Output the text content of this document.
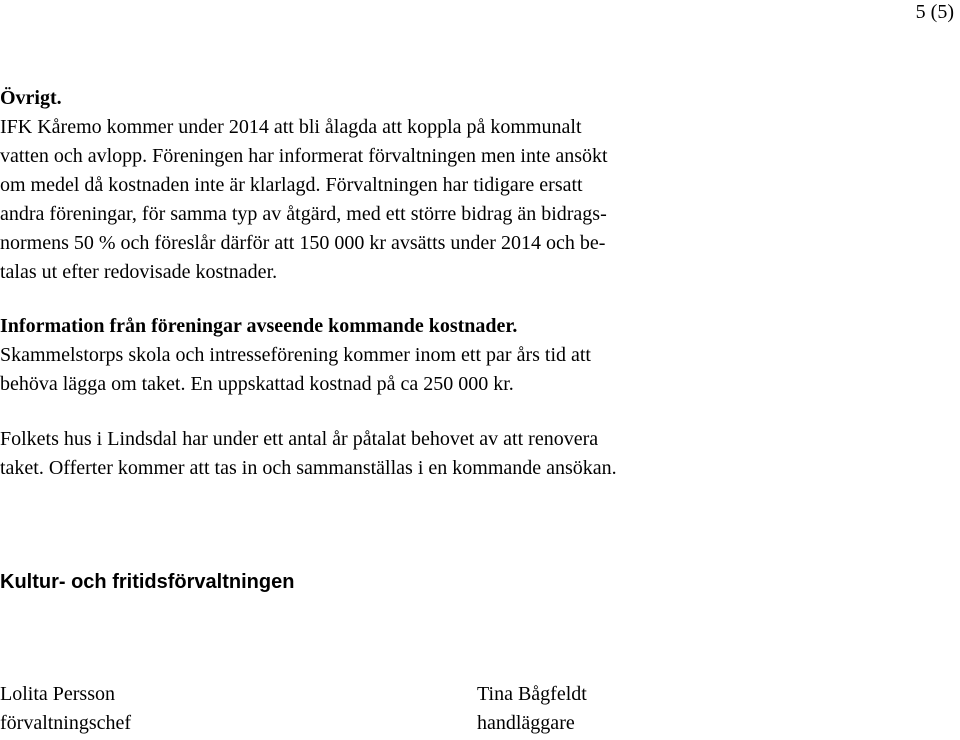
5 (5)
Övrigt.
IFK Kåremo kommer under 2014 att bli ålagda att koppla på kommunalt
vatten och avlopp. Föreningen har informerat förvaltningen men inte ansökt
om medel då kostnaden inte är klarlagd. Förvaltningen har tidigare ersatt
andra föreningar, för samma typ av åtgärd, med ett större bidrag än bidrags-
normens 50 % och föreslår därför att 150 000 kr avsätts under 2014 och be-
talas ut efter redovisade kostnader.
Information från föreningar avseende kommande kostnader.
Skammelstorps skola och intresseförening kommer inom ett par års tid att
behöva lägga om taket. En uppskattad kostnad på ca 250 000 kr.
Folkets hus i Lindsdal har under ett antal år påtalat behovet av att renovera
taket. Offerter kommer att tas in och sammanställas i en kommande ansökan.
Kultur- och fritidsförvaltningen
Lolita Persson
förvaltningschef
Tina Bågfeldt
handläggare
